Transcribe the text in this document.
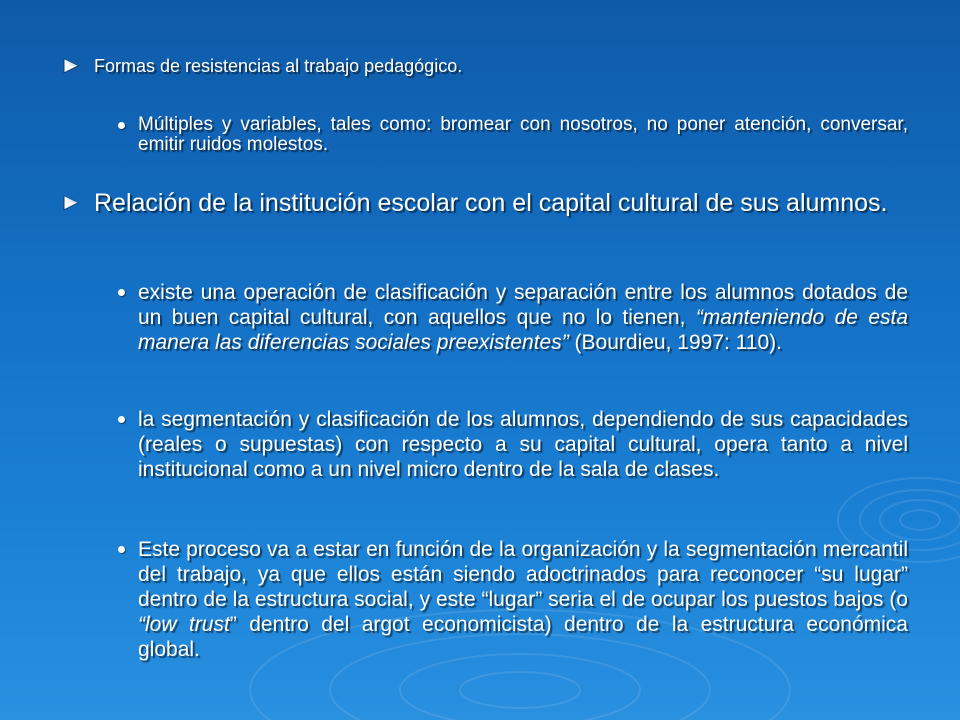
Formas de resistencias al trabajo pedagógico.
Múltiples y variables, tales como: bromear con nosotros, no poner atención, conversar, emitir ruidos molestos.
Relación de la institución escolar con el capital cultural de sus alumnos.
existe una operación de clasificación y separación entre los alumnos dotados de un buen capital cultural, con aquellos que no lo tienen, “manteniendo de esta manera las diferencias sociales preexistentes” (Bourdieu, 1997: 110).
la segmentación y clasificación de los alumnos, dependiendo de sus capacidades (reales o supuestas) con respecto a su capital cultural, opera tanto a nivel institucional como a un nivel micro dentro de la sala de clases.
Este proceso va a estar en función de la organización y la segmentación mercantil del trabajo, ya que ellos están siendo adoctrinados para reconocer “su lugar” dentro de la estructura social, y este “lugar” seria el de ocupar los puestos bajos (o “low trust” dentro del argot economicista) dentro de la estructura económica global.
